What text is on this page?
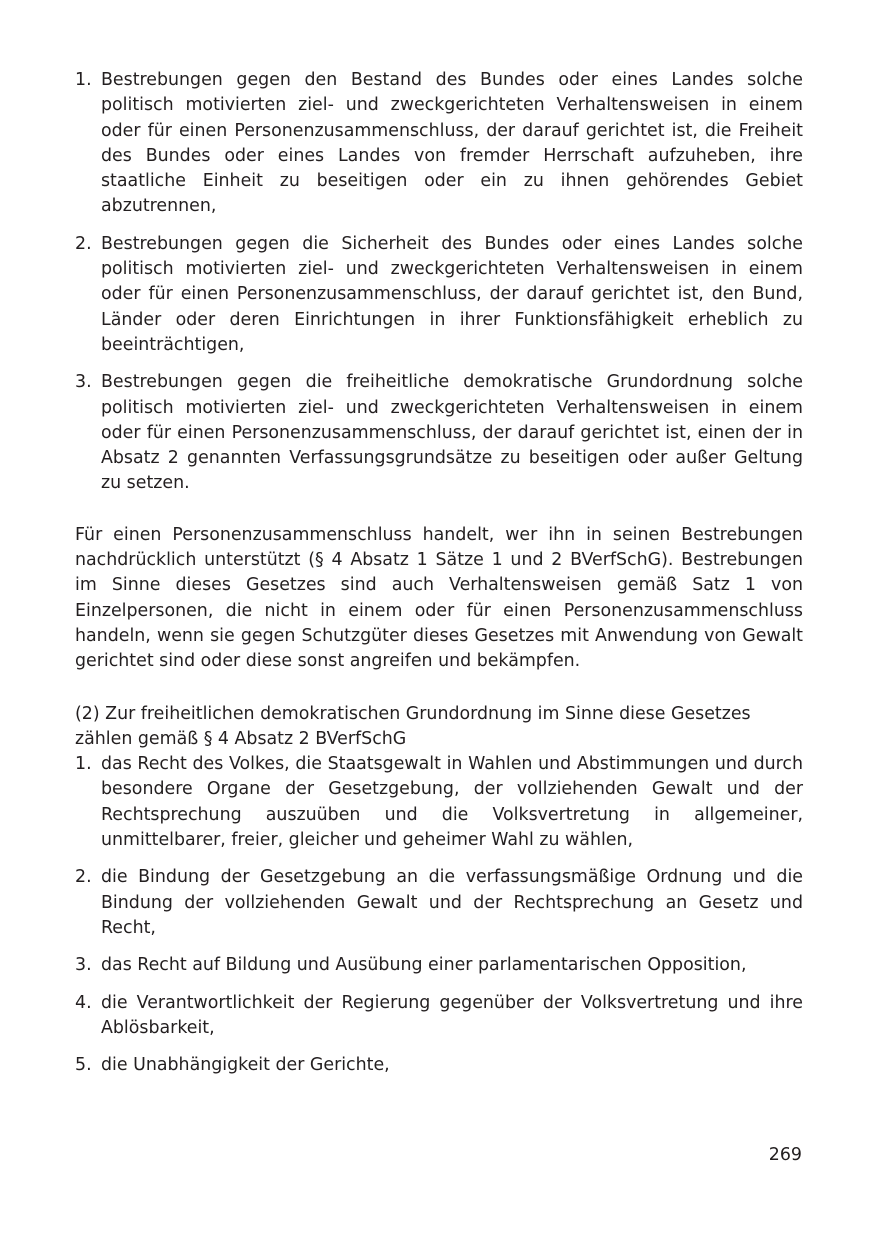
1. Bestrebungen gegen den Bestand des Bundes oder eines Landes solche politisch motivierten ziel- und zweckgerichteten Verhaltensweisen in einem oder für einen Personenzusammenschluss, der darauf gerichtet ist, die Freiheit des Bundes oder eines Landes von fremder Herrschaft aufzuheben, ihre staatliche Einheit zu beseitigen oder ein zu ihnen gehörendes Gebiet abzutrennen,
2. Bestrebungen gegen die Sicherheit des Bundes oder eines Landes solche politisch motivierten ziel- und zweckgerichteten Verhaltensweisen in einem oder für einen Personenzusammenschluss, der darauf gerichtet ist, den Bund, Länder oder deren Einrichtungen in ihrer Funktionsfähigkeit erheblich zu beeinträchtigen,
3. Bestrebungen gegen die freiheitliche demokratische Grundordnung solche politisch motivierten ziel- und zweckgerichteten Verhaltensweisen in einem oder für einen Personenzusammenschluss, der darauf gerichtet ist, einen der in Absatz 2 genannten Verfassungsgrundsätze zu beseitigen oder außer Geltung zu setzen.

Für einen Personenzusammenschluss handelt, wer ihn in seinen Bestrebungen nachdrücklich unterstützt (§ 4 Absatz 1 Sätze 1 und 2 BVerfSchG). Bestrebungen im Sinne dieses Gesetzes sind auch Verhaltensweisen gemäß Satz 1 von Einzelpersonen, die nicht in einem oder für einen Personenzusammenschluss handeln, wenn sie gegen Schutzgüter dieses Gesetzes mit Anwendung von Gewalt gerichtet sind oder diese sonst angreifen und bekämpfen.

(2) Zur freiheitlichen demokratischen Grundordnung im Sinne diese Gesetzes zählen gemäß § 4 Absatz 2 BVerfSchG

1. das Recht des Volkes, die Staatsgewalt in Wahlen und Abstimmungen und durch besondere Organe der Gesetzgebung, der vollziehenden Gewalt und der Rechtsprechung auszuüben und die Volksvertretung in allgemeiner, unmittelbarer, freier, gleicher und geheimer Wahl zu wählen,
2. die Bindung der Gesetzgebung an die verfassungsmäßige Ordnung und die Bindung der vollziehenden Gewalt und der Rechtsprechung an Gesetz und Recht,
3. das Recht auf Bildung und Ausübung einer parlamentarischen Opposition,
4. die Verantwortlichkeit der Regierung gegenüber der Volksvertretung und ihre Ablösbarkeit,
5. die Unabhängigkeit der Gerichte,
269
